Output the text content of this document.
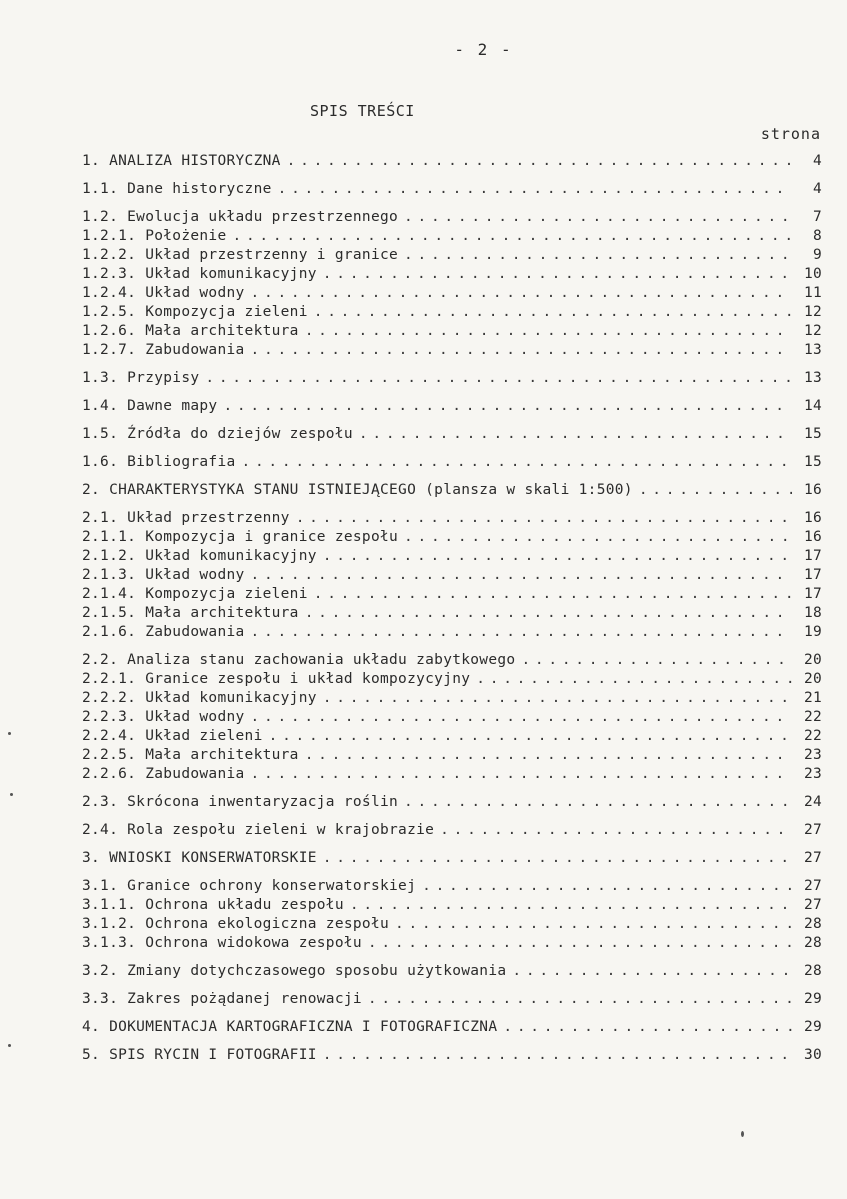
- 2 -
SPIS TREŚCI
strona
1. ANALIZA HISTORYCZNA . . .	4
1.1. Dane historyczne . . .	4
1.2. Ewolucja układu przestrzennego . . .	7
1.2.1. Położenie . . .	8
1.2.2. Układ przestrzenny i granice . . .	9
1.2.3. Układ komunikacyjny . . .	10
1.2.4. Układ wodny . . .	11
1.2.5. Kompozycja zieleni . . .	12
1.2.6. Mała architektura . . .	12
1.2.7. Zabudowania . . .	13
1.3. Przypisy . . .	13
1.4. Dawne mapy . . .	14
1.5. Źródła do dziejów zespołu . . .	15
1.6. Bibliografia . . .	15
2. CHARAKTERYSTYKA STANU ISTNIEJĄCEGO (plansza w skali 1:500) . . .	16
2.1. Układ przestrzenny . . .	16
2.1.1. Kompozycja i granice zespołu . . .	16
2.1.2. Układ komunikacyjny . . .	17
2.1.3. Układ wodny . . .	17
2.1.4. Kompozycja zieleni . . .	17
2.1.5. Mała architektura . . .	18
2.1.6. Zabudowania . . .	19
2.2. Analiza stanu zachowania układu zabytkowego . . .	20
2.2.1. Granice zespołu i układ kompozycyjny . . .	20
2.2.2. Układ komunikacyjny . . .	21
2.2.3. Układ wodny . . .	22
2.2.4. Układ zieleni . . .	22
2.2.5. Mała architektura . . .	23
2.2.6. Zabudowania . . .	23
2.3. Skrócona inwentaryzacja roślin . . .	24
2.4. Rola zespołu zieleni w krajobrazie . . .	27
3. WNIOSKI KONSERWATORSKIE . . .	27
3.1. Granice ochrony konserwatorskiej . . .	27
3.1.1. Ochrona układu zespołu . . .	27
3.1.2. Ochrona ekologiczna zespołu . . .	28
3.1.3. Ochrona widokowa zespołu . . .	28
3.2. Zmiany dotychczasowego sposobu użytkowania . . .	28
3.3. Zakres pożądanej renowacji . . .	29
4. DOKUMENTACJA KARTOGRAFICZNA I FOTOGRAFICZNA . . .	29
5. SPIS RYCIN I FOTOGRAFII . . .	30
